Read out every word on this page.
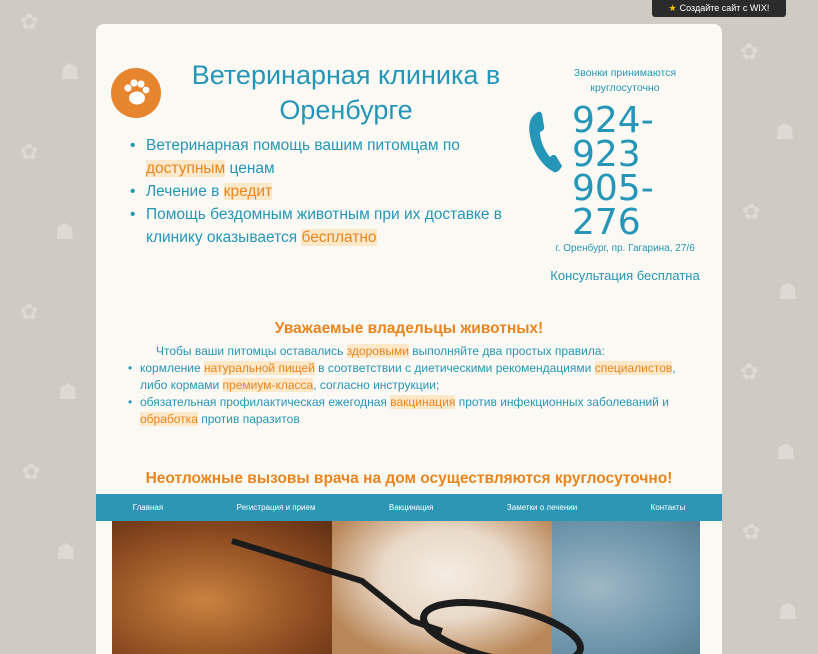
✿
☗
✿
☗
✿
☗
✿
☗
✿
☗
✿
☗
✿
☗
✿
☗
★ Создайте сайт с WIX!
Ветеринарная клиника в Оренбурге
• Ветеринарная помощь вашим питомцам по доступным ценам
• Лечение в кредит
• Помощь бездомным животным при их доставке в клинику оказывается бесплатно
Звонки принимаются круглосуточно
924-
923
905-
276
г. Оренбург, пр. Гагарина, 27/6
Консультация бесплатна
Уважаемые владельцы животных!
Чтобы ваши питомцы оставались здоровыми выполняйте два простых правила:
• кормление натуральной пищей в соответствии с диетическими рекомендациями специалистов, либо кормами премиум-класса, согласно инструкции;
• обязательная профилактическая ежегодная вакцинация против инфекционных заболеваний и обработка против паразитов
Неотложные вызовы врача на дом осуществляются круглосуточно!
Главная	Регистрация и прием	Вакцинация	Заметки о лечении	Контакты
